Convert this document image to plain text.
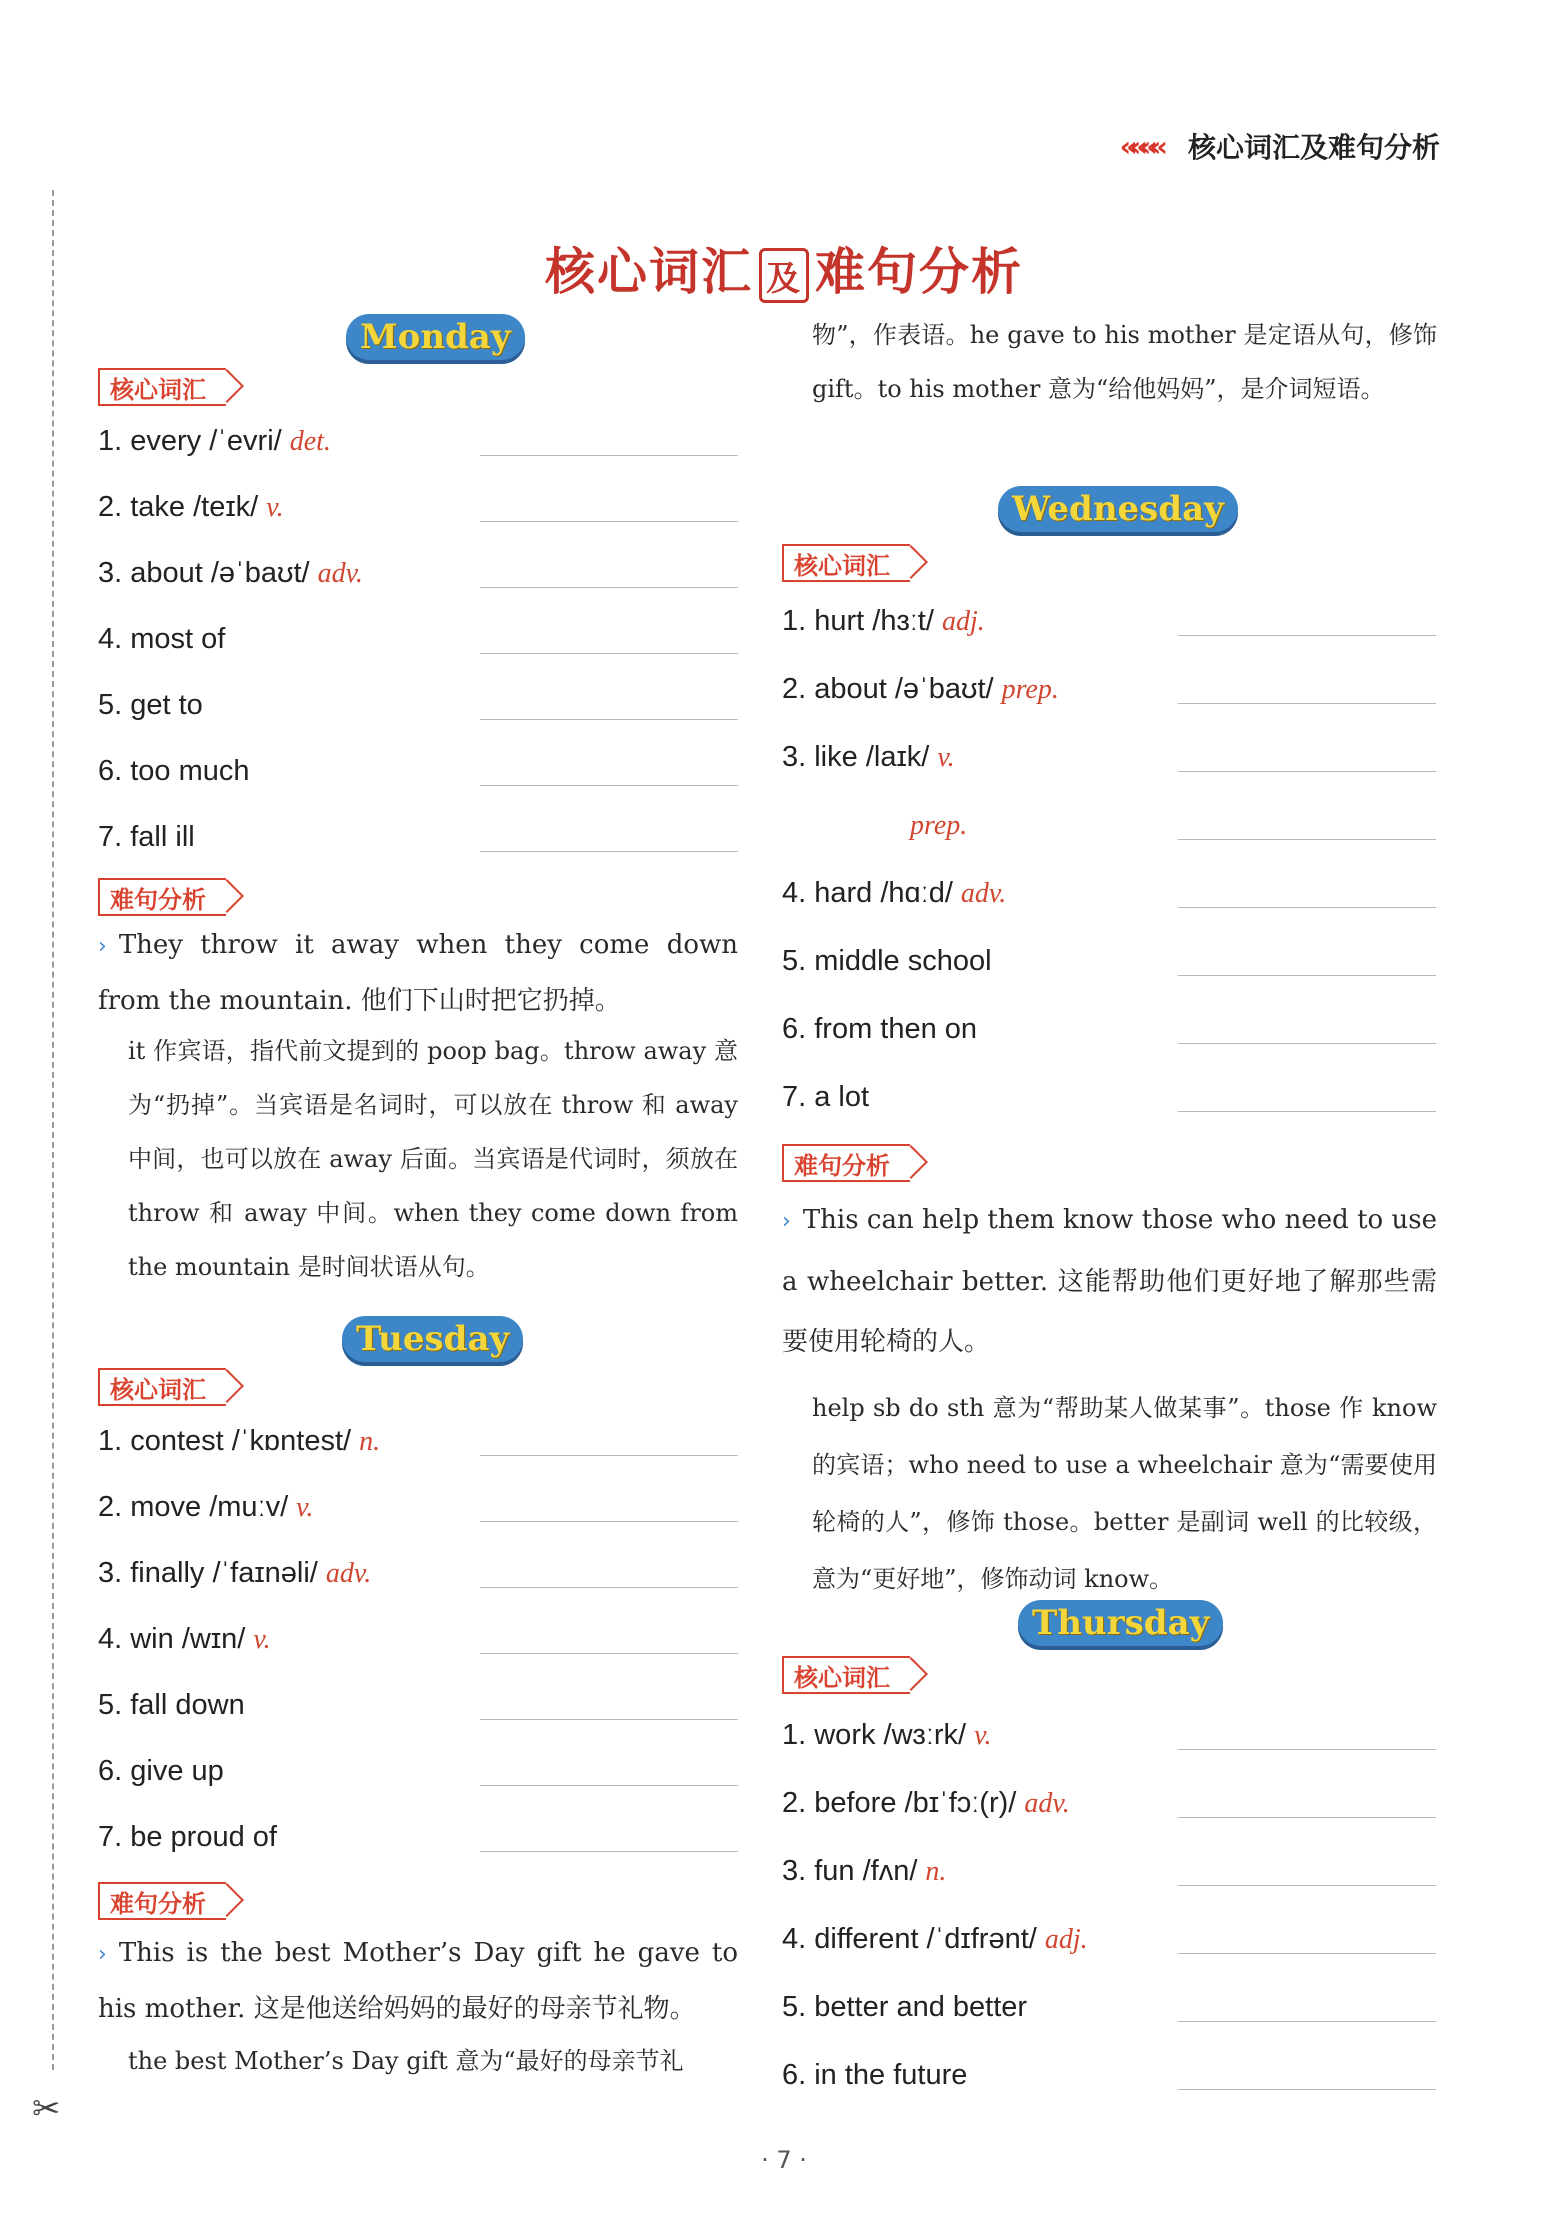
✂
«««« 核心词汇及难句分析
核心词汇 及 难句分析
Monday
核心词汇
1. every /ˈevri/ det.
2. take /teɪk/ v.
3. about /əˈbaʊt/ adv.
4. most of
5. get to
6. too much
7. fall ill
难句分析
› They throw it away when they come down from the mountain. 他们下山时把它扔掉。
it 作宾语，指代前文提到的 poop bag。throw away 意为“扔掉”。当宾语是名词时，可以放在 throw 和 away 中间，也可以放在 away 后面。当宾语是代词时，须放在 throw 和 away 中间。when they come down from the mountain 是时间状语从句。
Tuesday
核心词汇
1. contest /ˈkɒntest/ n.
2. move /muːv/ v.
3. finally /ˈfaɪnəli/ adv.
4. win /wɪn/ v.
5. fall down
6. give up
7. be proud of
难句分析
› This is the best Mother’s Day gift he gave to his mother. 这是他送给妈妈的最好的母亲节礼物。
the best Mother’s Day gift 意为“最好的母亲节礼
物”，作表语。he gave to his mother 是定语从句，修饰 gift。to his mother 意为“给他妈妈”，是介词短语。
Wednesday
核心词汇
1. hurt /hɜːt/ adj.
2. about /əˈbaʊt/ prep.
3. like /laɪk/ v.
prep.
4. hard /hɑːd/ adv.
5. middle school
6. from then on
7. a lot
难句分析
› This can help them know those who need to use a wheelchair better. 这能帮助他们更好地了解那些需要使用轮椅的人。
help sb do sth 意为“帮助某人做某事”。those 作 know 的宾语；who need to use a wheelchair 意为“需要使用轮椅的人”，修饰 those。better 是副词 well 的比较级，意为“更好地”，修饰动词 know。
Thursday
核心词汇
1. work /wɜːrk/ v.
2. before /bɪˈfɔː(r)/ adv.
3. fun /fʌn/ n.
4. different /ˈdɪfrənt/ adj.
5. better and better
6. in the future
· 7 ·
